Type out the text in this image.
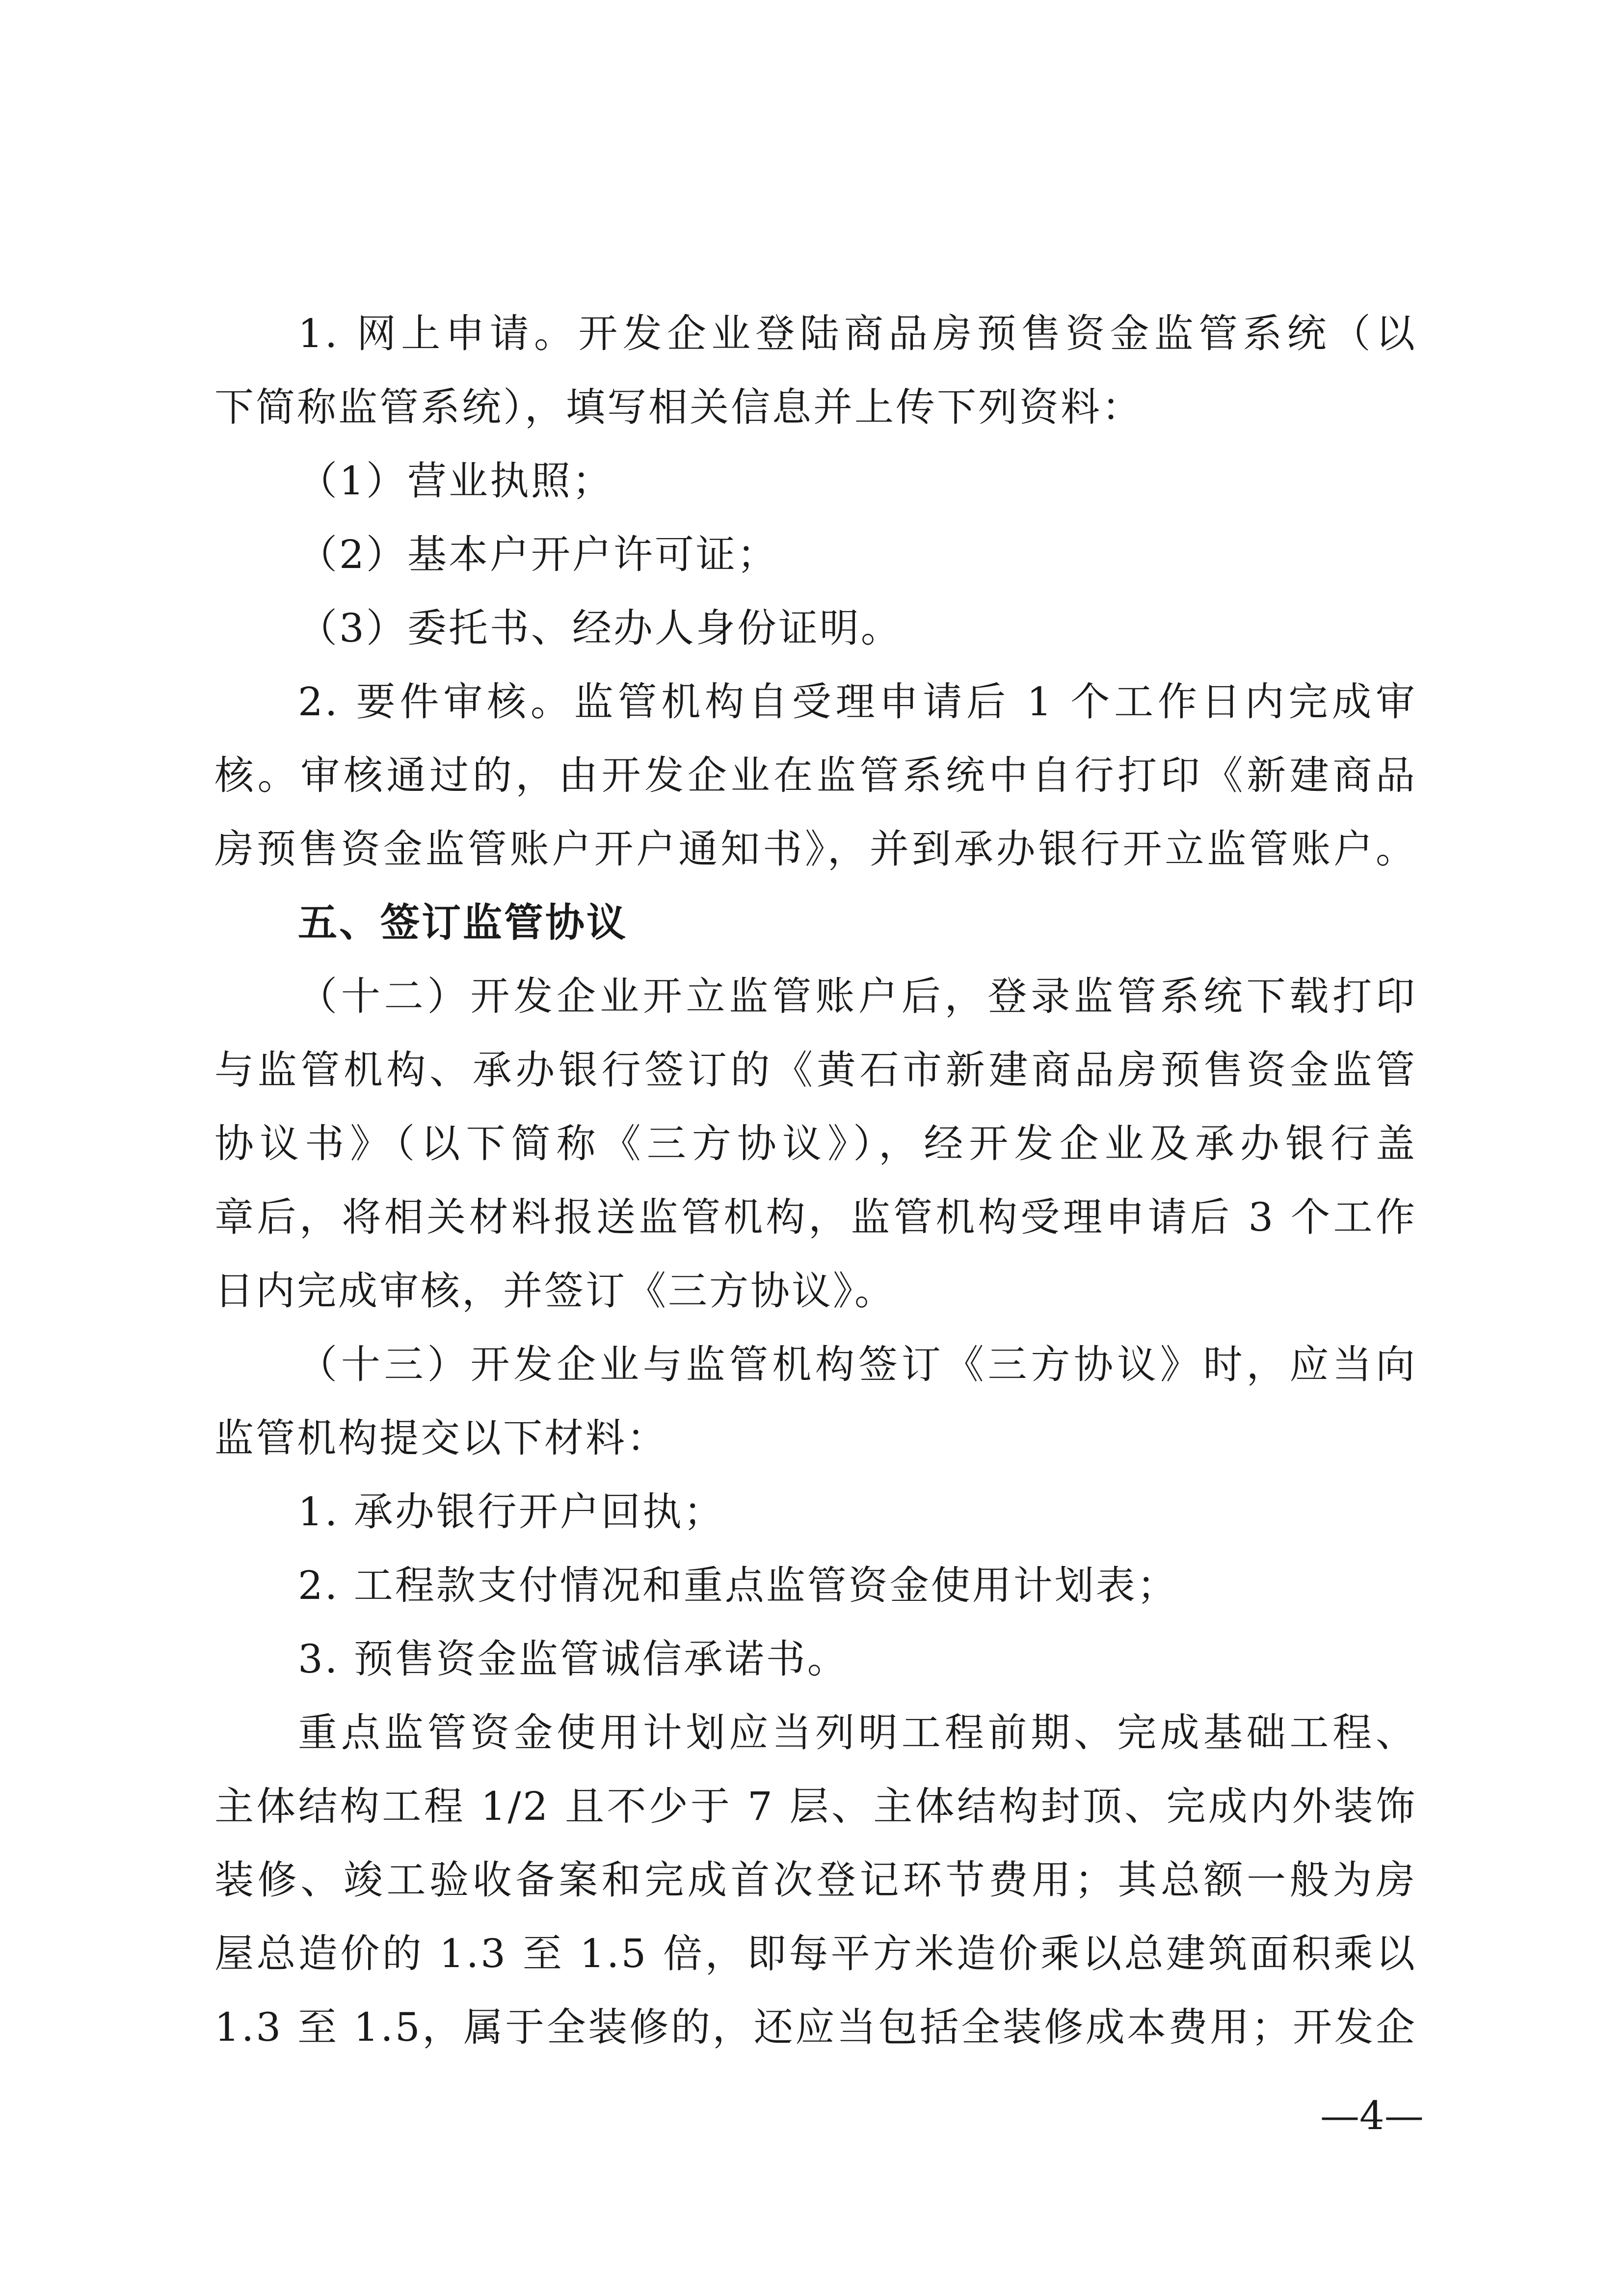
1. 网上申请。开发企业登陆商品房预售资金监管系统（以
下简称监管系统），填写相关信息并上传下列资料：
（1）营业执照；
（2）基本户开户许可证；
（3）委托书、经办人身份证明。
2. 要件审核。监管机构自受理申请后 1 个工作日内完成审
核。审核通过的，由开发企业在监管系统中自行打印《新建商品
房预售资金监管账户开户通知书》，并到承办银行开立监管账户。
五、签订监管协议
（十二）开发企业开立监管账户后，登录监管系统下载打印
与监管机构、承办银行签订的《黄石市新建商品房预售资金监管
协议书》（以下简称《三方协议》），经开发企业及承办银行盖
章后，将相关材料报送监管机构，监管机构受理申请后 3 个工作
日内完成审核，并签订《三方协议》。
（十三）开发企业与监管机构签订《三方协议》时，应当向
监管机构提交以下材料：
1. 承办银行开户回执；
2. 工程款支付情况和重点监管资金使用计划表；
3. 预售资金监管诚信承诺书。
重点监管资金使用计划应当列明工程前期、完成基础工程、
主体结构工程 1/2 且不少于 7 层、主体结构封顶、完成内外装饰
装修、竣工验收备案和完成首次登记环节费用；其总额一般为房
屋总造价的 1.3 至 1.5 倍，即每平方米造价乘以总建筑面积乘以
1.3 至 1.5，属于全装修的，还应当包括全装修成本费用；开发企
—4—
